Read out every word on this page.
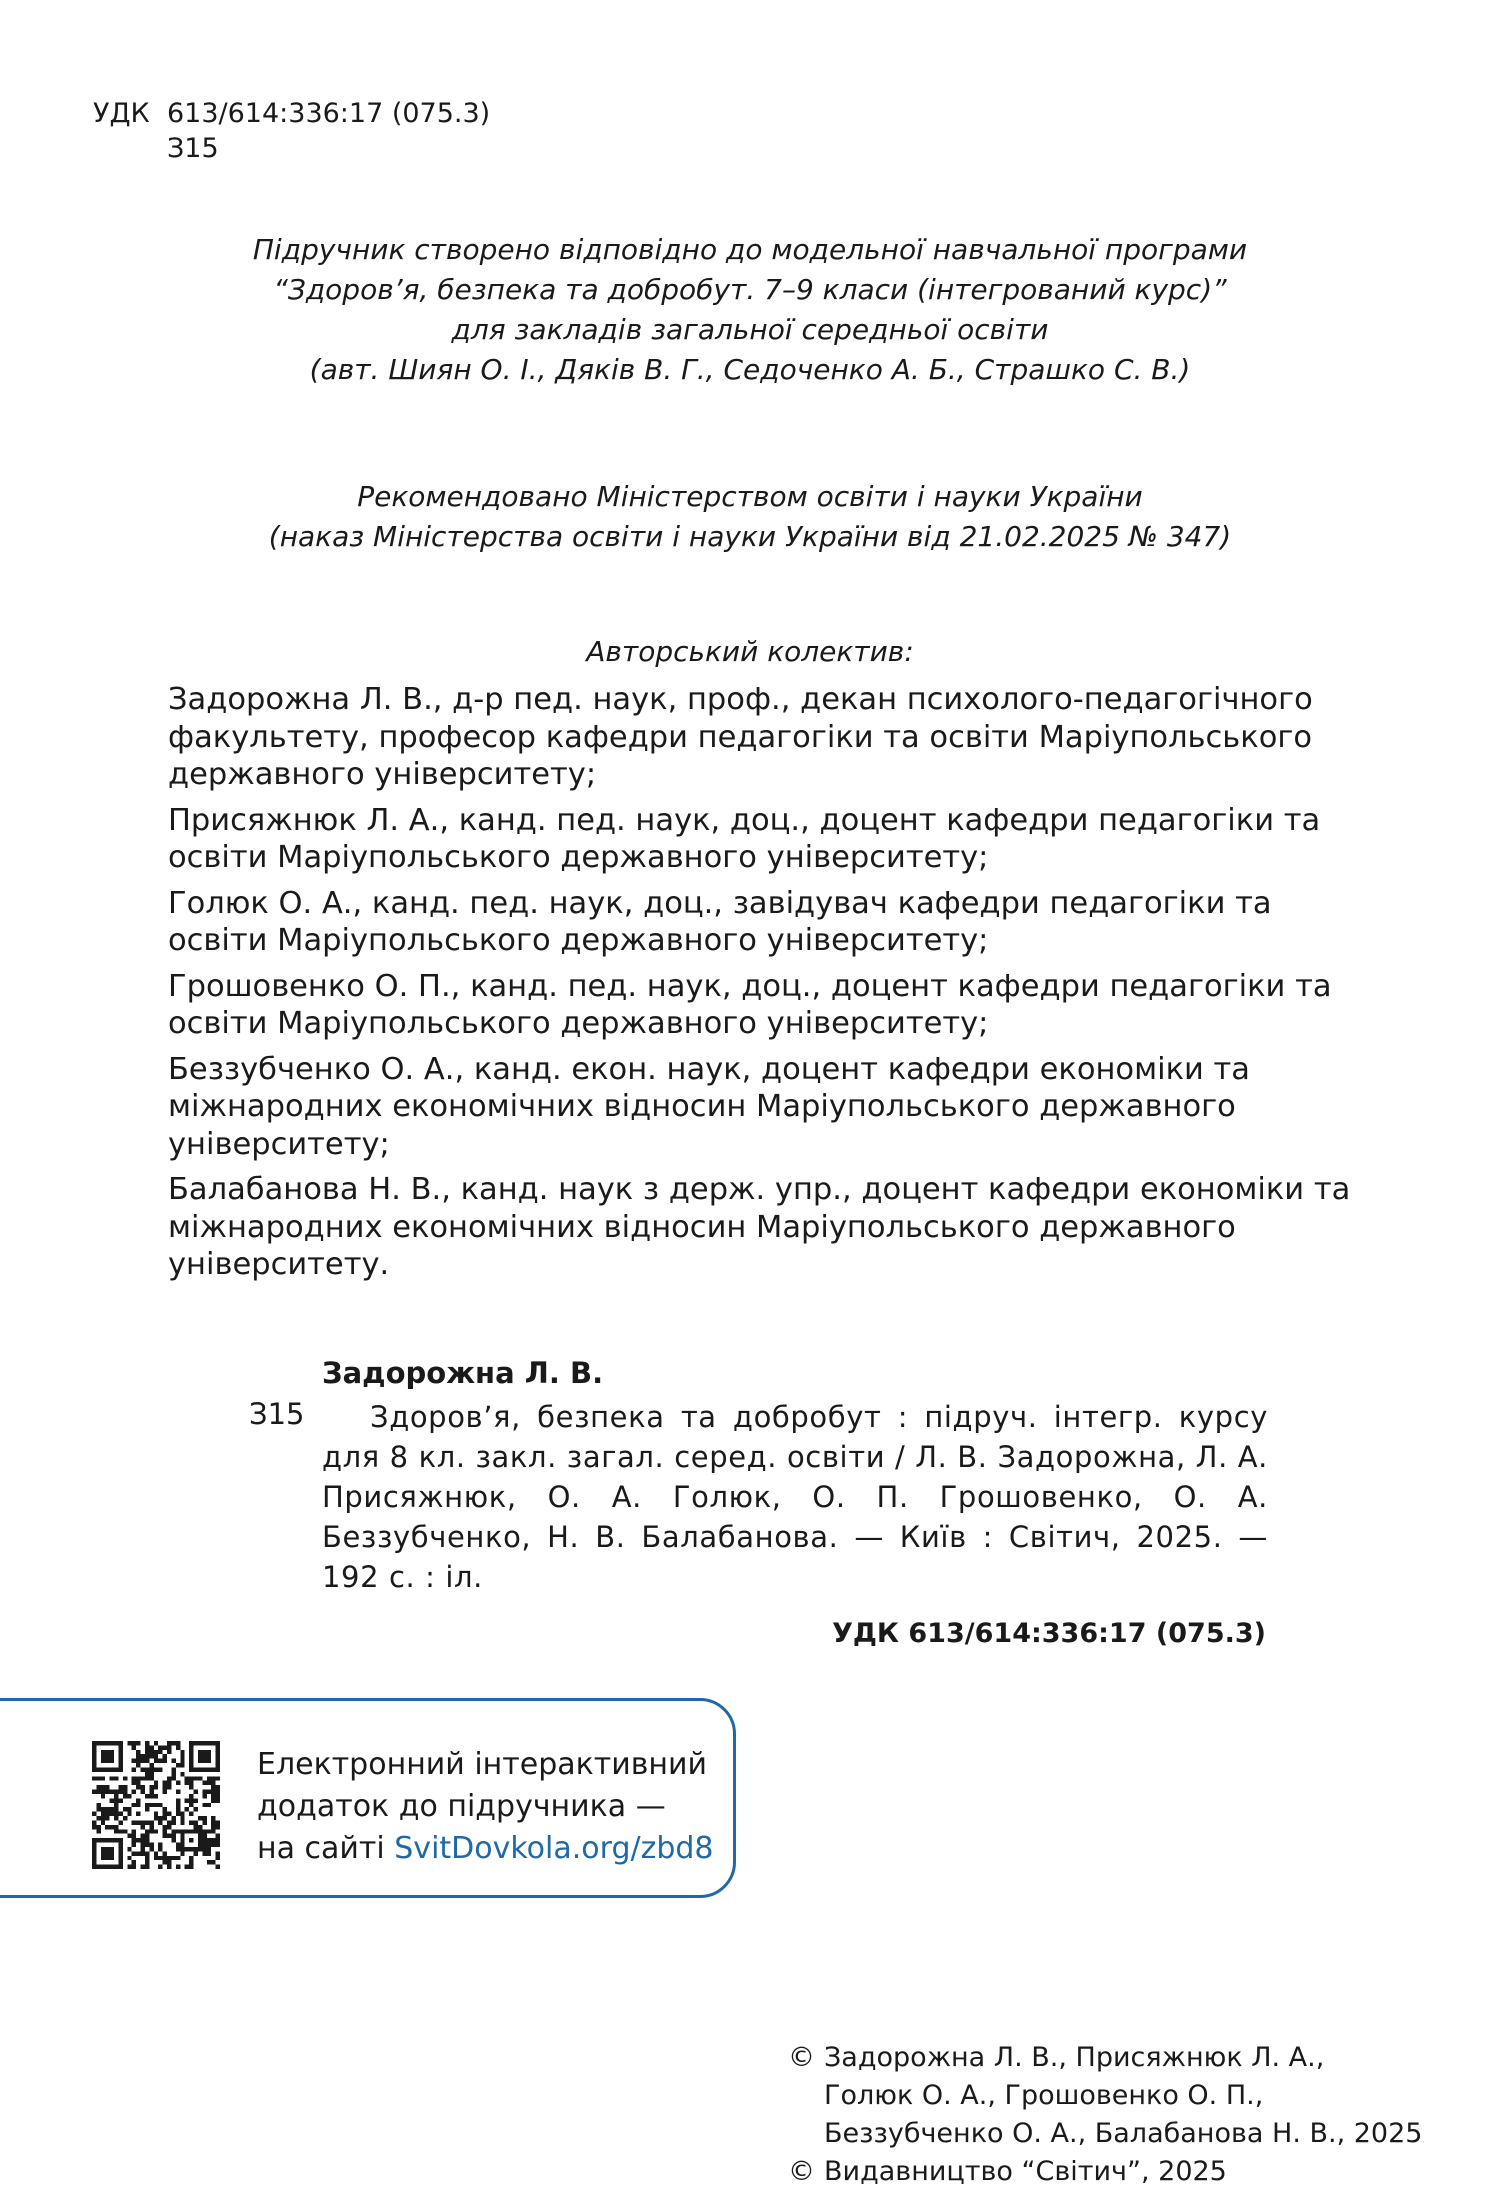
УДК 613/614:336:17 (075.3)
З15
Підручник створено відповідно до модельної навчальної програми
“Здоров’я, безпека та добробут. 7–9 класи (інтегрований курс)”
для закладів загальної середньої освіти
(авт. Шиян О. І., Дяків В. Г., Седоченко А. Б., Страшко С. В.)
Рекомендовано Міністерством освіти і науки України
(наказ Міністерства освіти і науки України від 21.02.2025 № 347)
Авторський колектив:

Задорожна Л. В., д-р пед. наук, проф., декан психолого-педагогічного факультету, професор кафедри педагогіки та освіти Маріупольського державного університету;

Присяжнюк Л. А., канд. пед. наук, доц., доцент кафедри педагогіки та освіти Маріупольського державного університету;

Голюк О. А., канд. пед. наук, доц., завідувач кафедри педагогіки та освіти Маріупольського державного університету;

Грошовенко О. П., канд. пед. наук, доц., доцент кафедри педагогіки та освіти Маріупольського державного університету;

Беззубченко О. А., канд. екон. наук, доцент кафедри економіки та міжнародних економічних відносин Маріупольського державного університету;

Балабанова Н. В., канд. наук з держ. упр., доцент кафедри економіки та міжнародних економічних відносин Маріупольського державного університету.

Задорожна Л. В.
З15	Здоров’я, безпека та добробут : підруч. інтегр. курсу для 8 кл. закл. загал. серед. освіти / Л. В. Задорожна, Л. А. Присяжнюк, О. А. Голюк, О. П. Грошовенко, О. А. Беззубченко, Н. В. Балабанова. — Київ : Світич, 2025. — 192 с. : іл.
УДК 613/614:336:17 (075.3)
Електронний інтерактивний
додаток до підручника —
на сайті SvitDovkola.org/zbd8
© Задорожна Л. В., Присяжнюк Л. А.,
Голюк О. А., Грошовенко О. П.,
Беззубченко О. А., Балабанова Н. В., 2025
© Видавництво “Світич”, 2025
